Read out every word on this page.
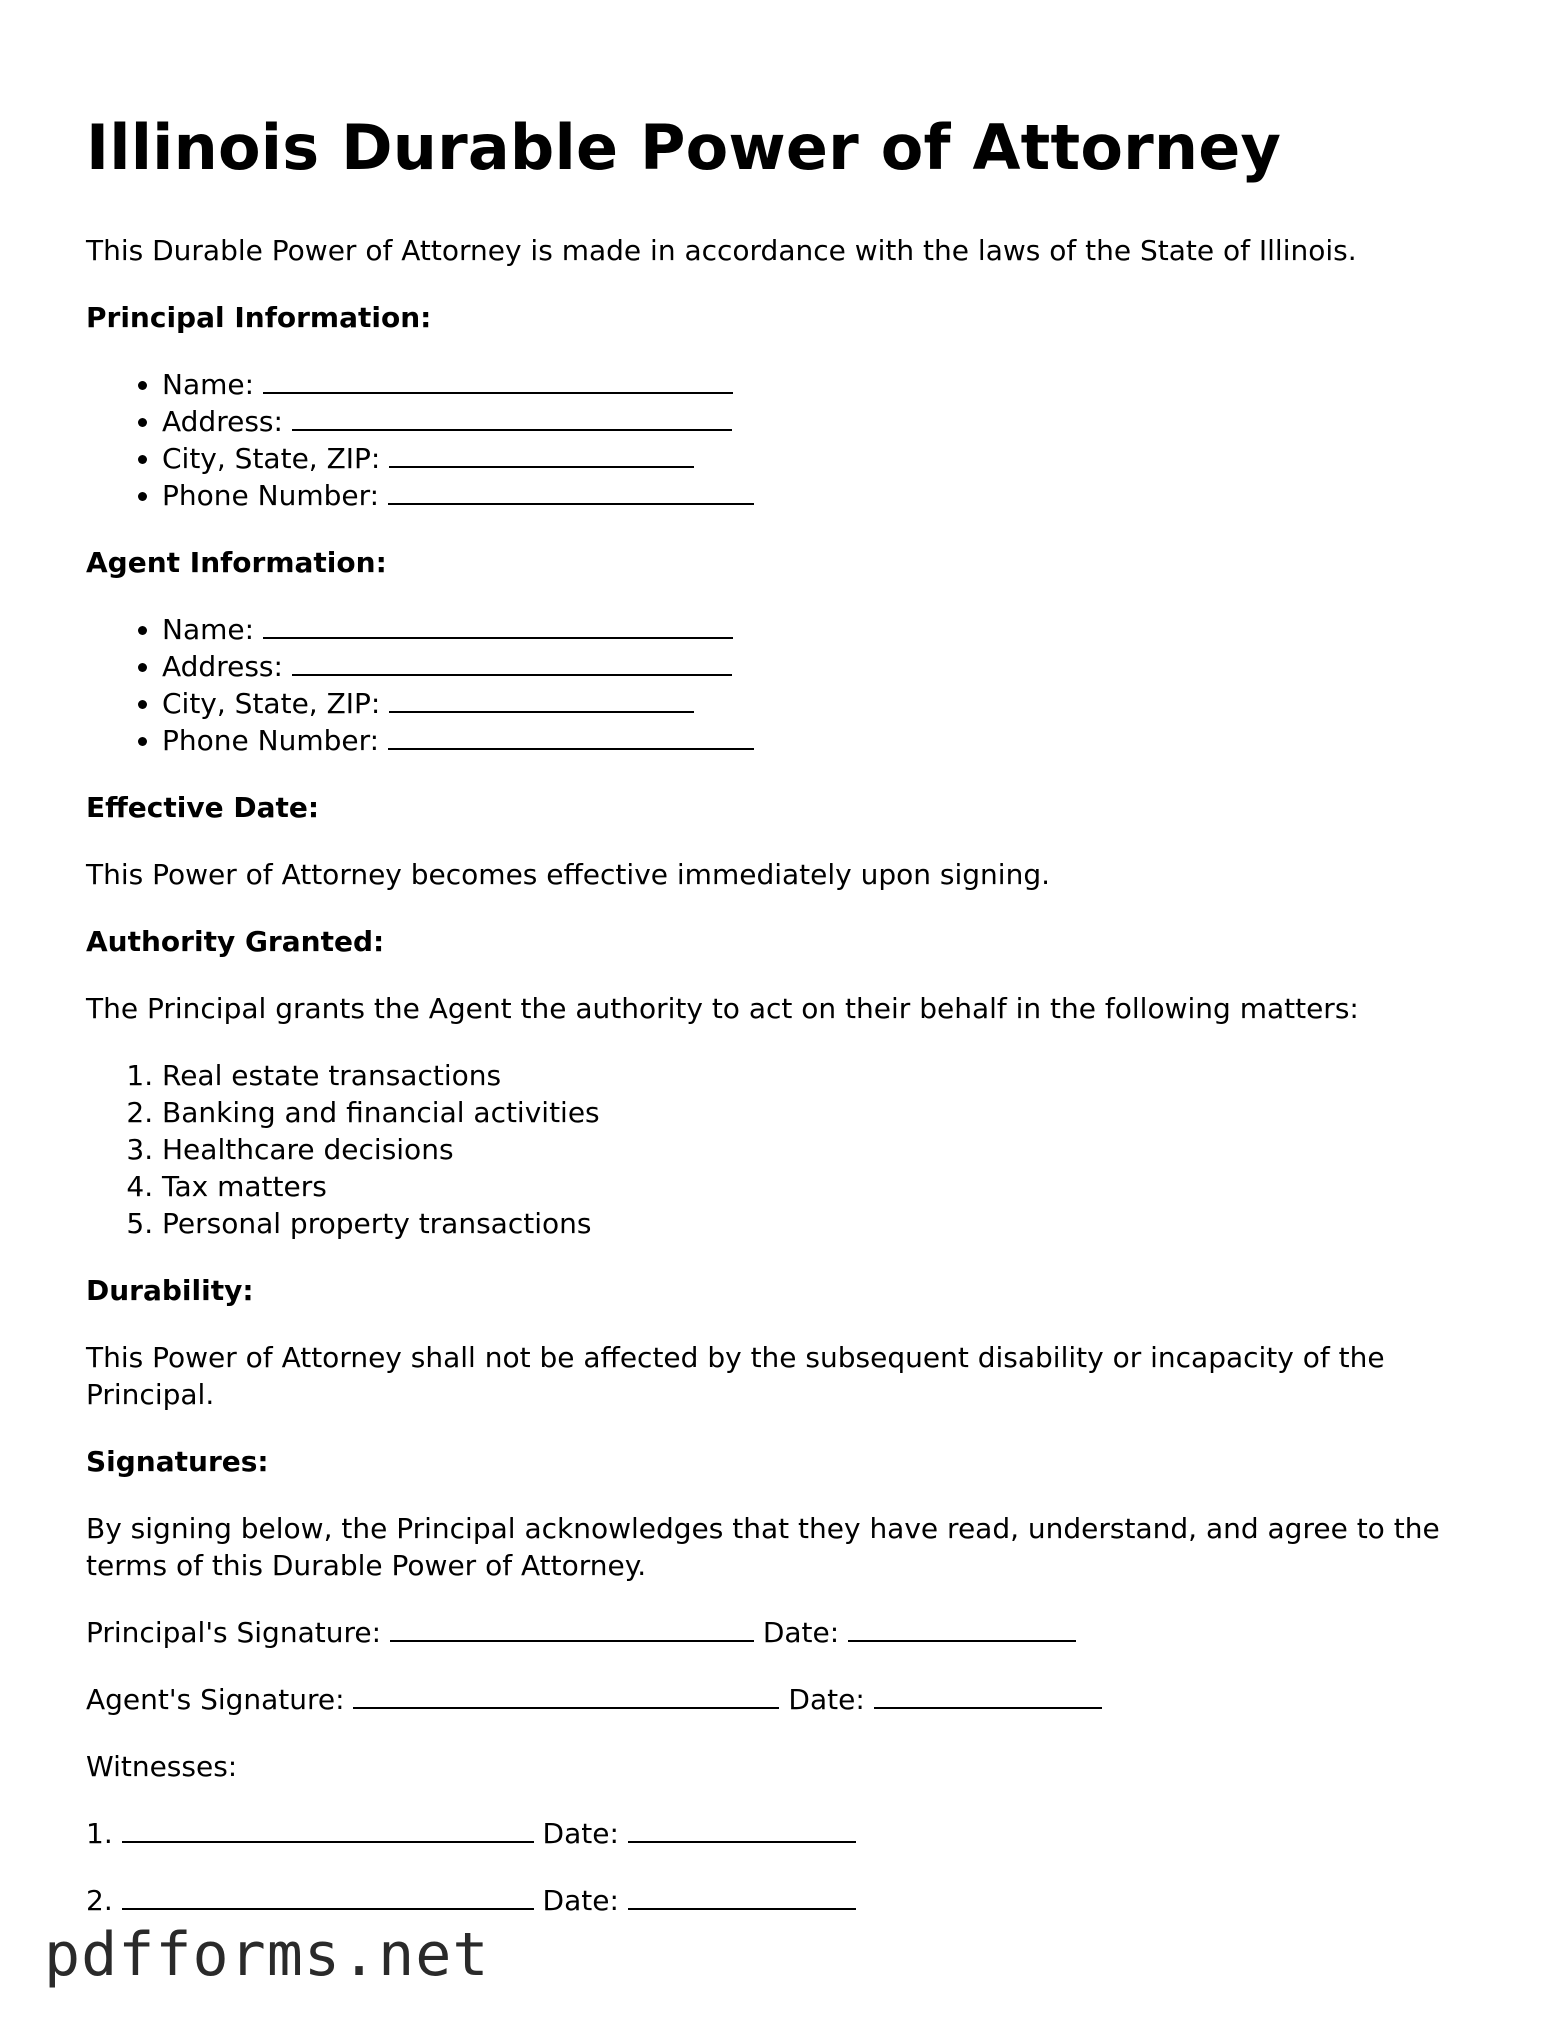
Illinois Durable Power of Attorney

This Durable Power of Attorney is made in accordance with the laws of the State of Illinois.

Principal Information:
• Name:
• Address:
• City, State, ZIP:
• Phone Number:
Agent Information:
• Name:
• Address:
• City, State, ZIP:
• Phone Number:
Effective Date:

This Power of Attorney becomes effective immediately upon signing.

Authority Granted:

The Principal grants the Agent the authority to act on their behalf in the following matters:

1. Real estate transactions
2. Banking and financial activities
3. Healthcare decisions
4. Tax matters
5. Personal property transactions
Durability:

This Power of Attorney shall not be affected by the subsequent disability or incapacity of the Principal.

Signatures:

By signing below, the Principal acknowledges that they have read, understand, and agree to the terms of this Durable Power of Attorney.

Principal's Signature:	Date:

Agent's Signature:	Date:

Witnesses:

1.	Date:

2.	Date:

pdfforms.net
